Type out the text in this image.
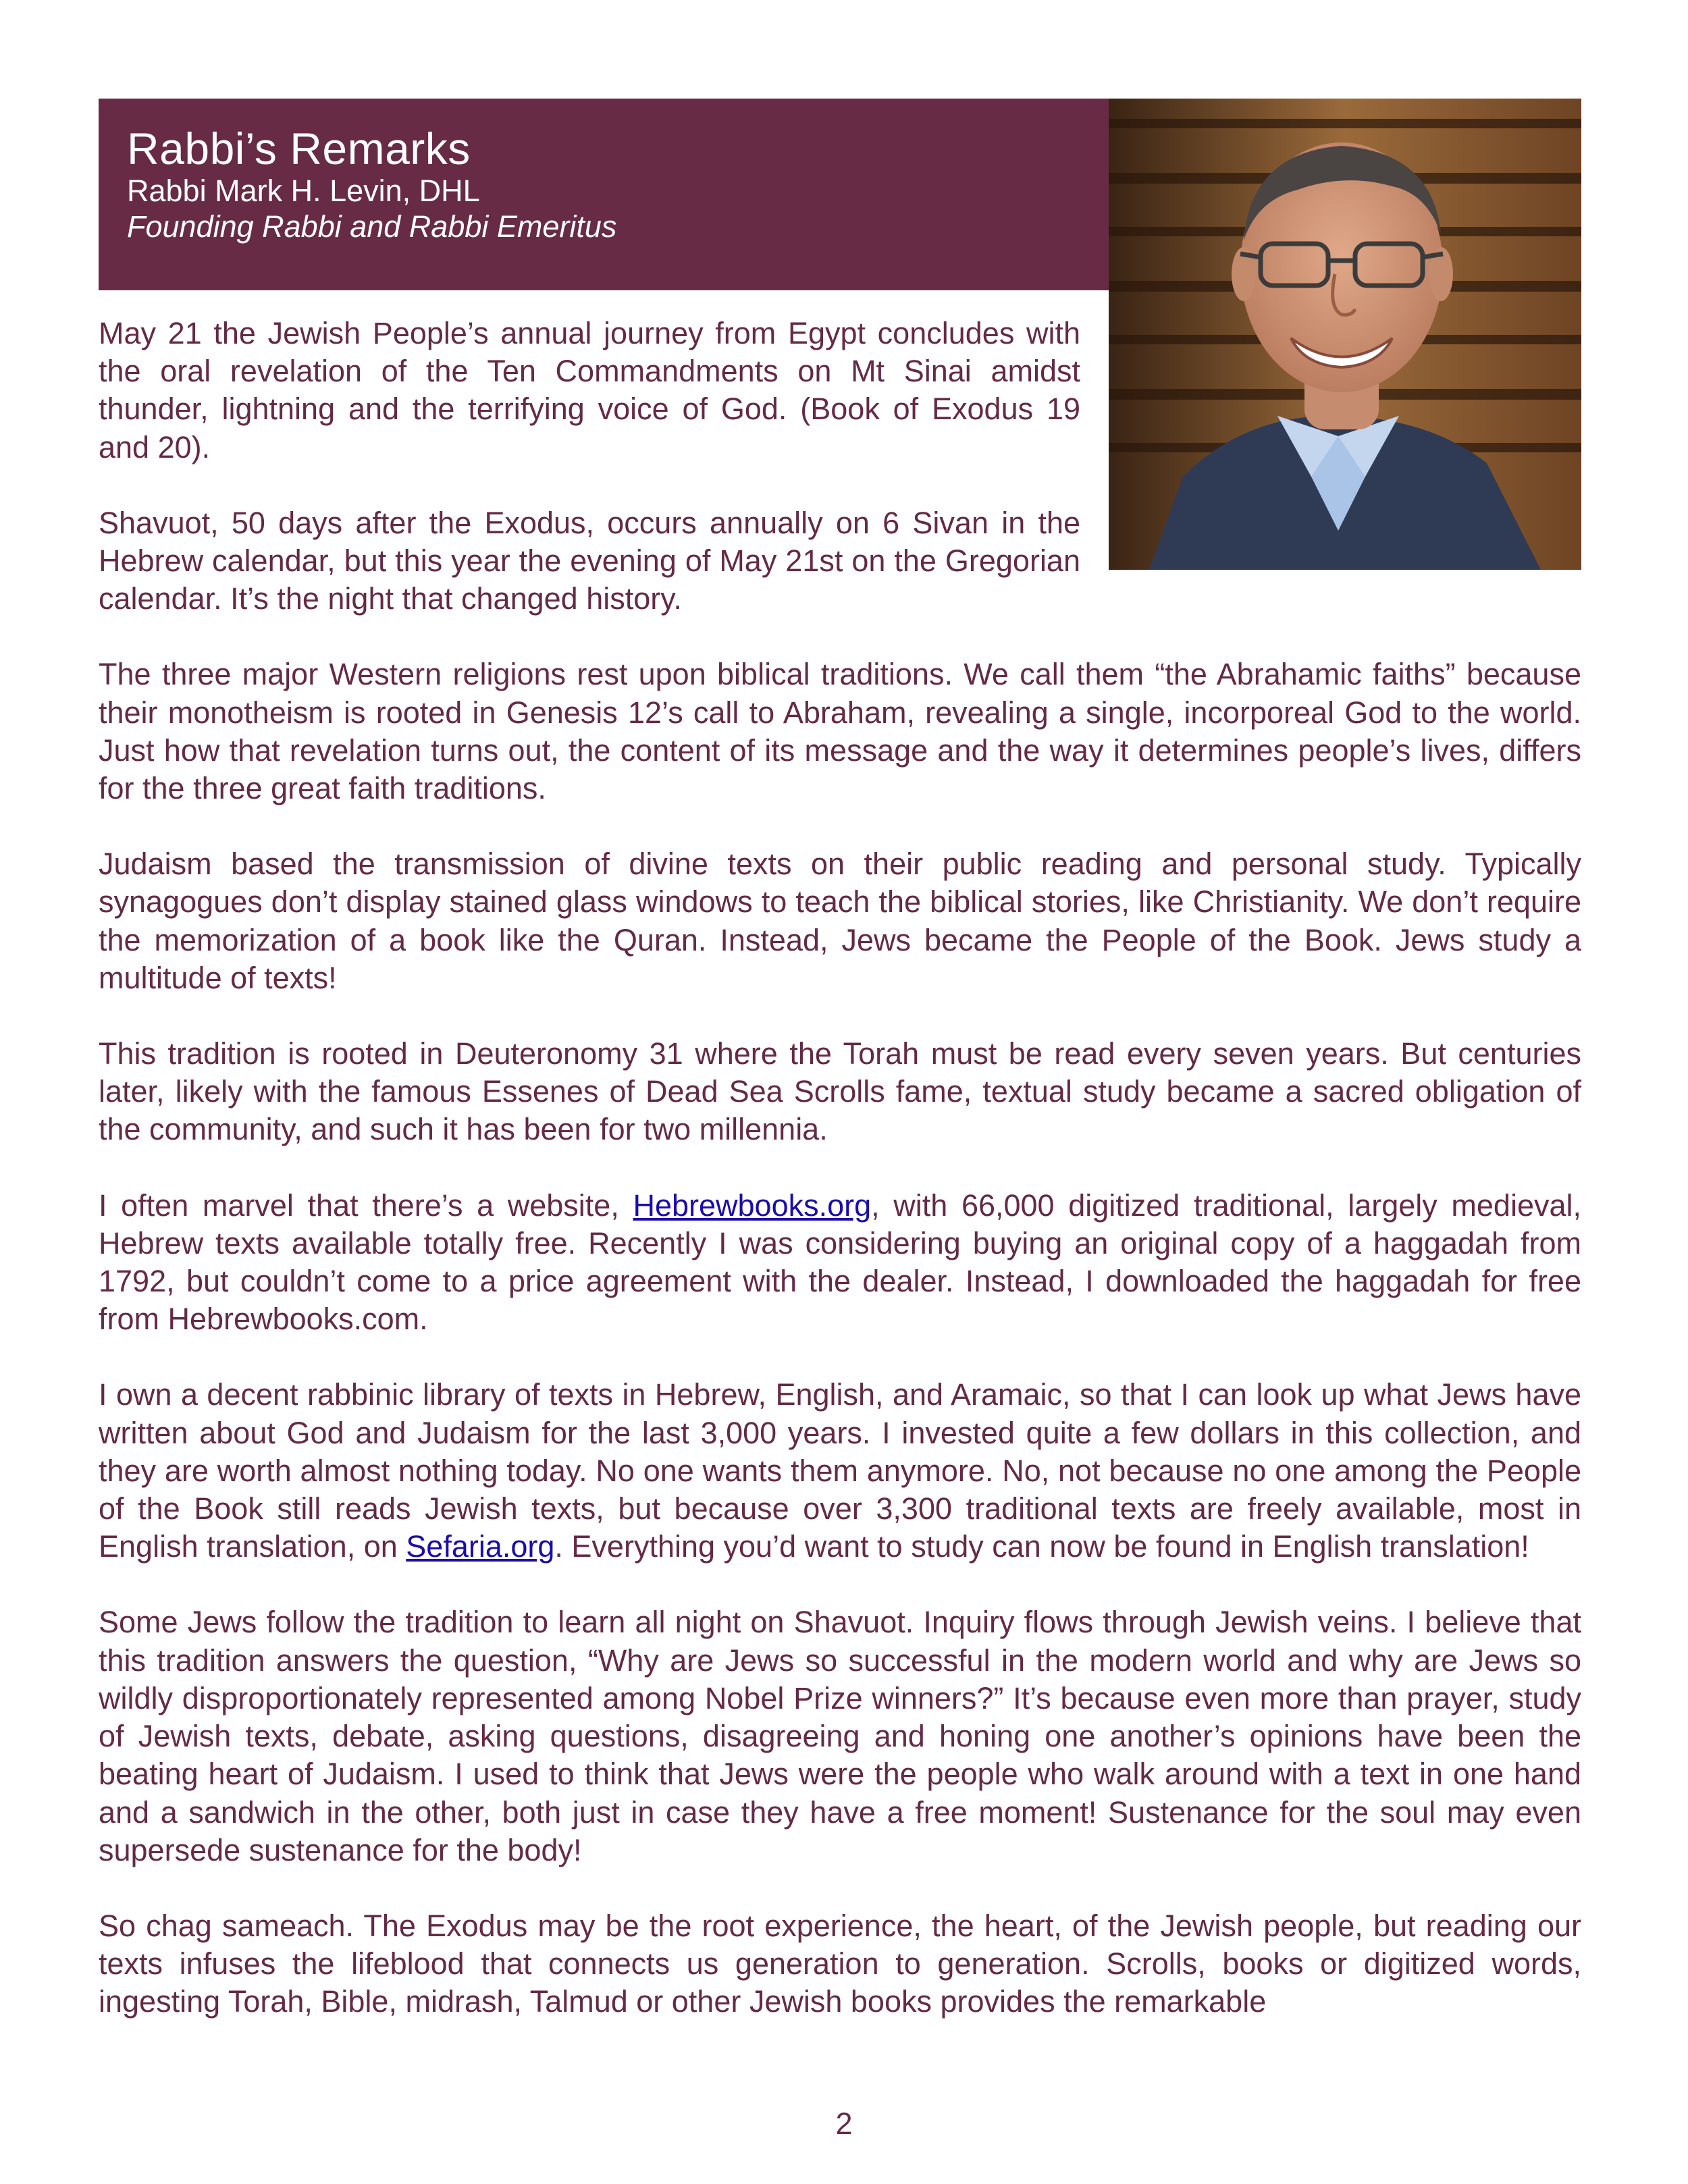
Rabbi’s Remarks
Rabbi Mark H. Levin, DHL
Founding Rabbi and Rabbi Emeritus

May 21 the Jewish People’s annual journey from Egypt concludes with the oral revelation of the Ten Commandments on Mt Sinai amidst thunder, lightning and the terrifying voice of God. (Book of Exodus 19 and 20).

Shavuot, 50 days after the Exodus, occurs annually on 6 Sivan in the Hebrew calendar, but this year the evening of May 21st on the Gregorian calendar. It’s the night that changed history.

The three major Western religions rest upon biblical traditions. We call them “the Abrahamic faiths” because their monotheism is rooted in Genesis 12’s call to Abraham, revealing a single, incorporeal God to the world. Just how that revelation turns out, the content of its message and the way it determines people’s lives, differs for the three great faith traditions.

Judaism based the transmission of divine texts on their public reading and personal study. Typically synagogues don’t display stained glass windows to teach the biblical stories, like Christianity. We don’t require the memorization of a book like the Quran. Instead, Jews became the People of the Book. Jews study a multitude of texts!

This tradition is rooted in Deuteronomy 31 where the Torah must be read every seven years. But centuries later, likely with the famous Essenes of Dead Sea Scrolls fame, textual study became a sacred obligation of the community, and such it has been for two millennia.

I often marvel that there’s a website, Hebrewbooks.org, with 66,000 digitized traditional, largely medieval, Hebrew texts available totally free. Recently I was considering buying an original copy of a haggadah from 1792, but couldn’t come to a price agreement with the dealer. Instead, I downloaded the haggadah for free from Hebrewbooks.com.

I own a decent rabbinic library of texts in Hebrew, English, and Aramaic, so that I can look up what Jews have written about God and Judaism for the last 3,000 years. I invested quite a few dollars in this collection, and they are worth almost nothing today. No one wants them anymore. No, not because no one among the People of the Book still reads Jewish texts, but because over 3,300 traditional texts are freely available, most in English translation, on Sefaria.org. Everything you’d want to study can now be found in English translation!

Some Jews follow the tradition to learn all night on Shavuot. Inquiry flows through Jewish veins. I believe that this tradition answers the question, “Why are Jews so successful in the modern world and why are Jews so wildly disproportionately represented among Nobel Prize winners?” It’s because even more than prayer, study of Jewish texts, debate, asking questions, disagreeing and honing one another’s opinions have been the beating heart of Judaism. I used to think that Jews were the people who walk around with a text in one hand and a sandwich in the other, both just in case they have a free moment! Sustenance for the soul may even supersede sustenance for the body!

So chag sameach. The Exodus may be the root experience, the heart, of the Jewish people, but reading our texts infuses the lifeblood that connects us generation to generation. Scrolls, books or digitized words, ingesting Torah, Bible, midrash, Talmud or other Jewish books provides the remarkable

2
